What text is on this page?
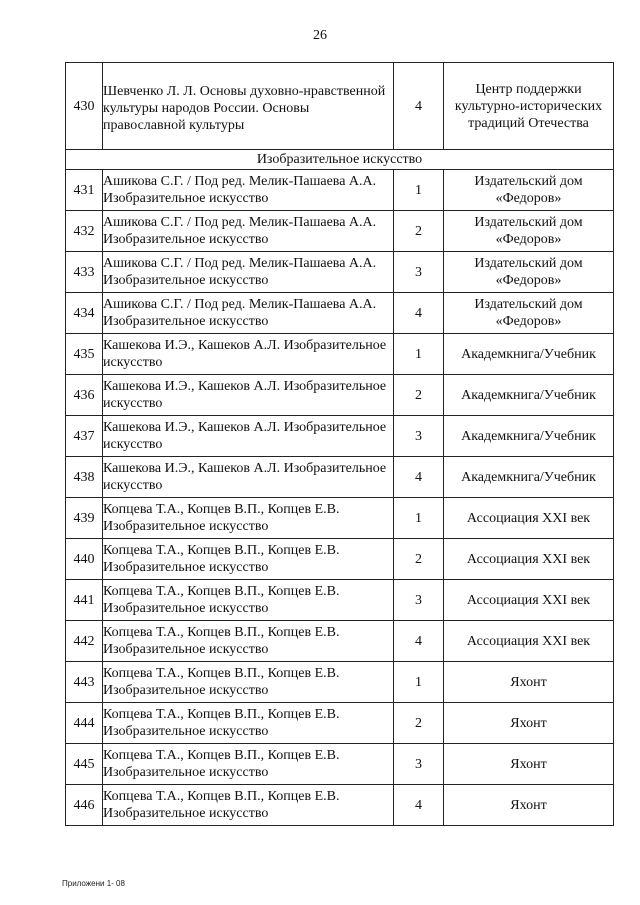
26
430	Шевченко Л. Л. Основы духовно-нравственной культуры народов России. Основы православной культуры	4	Центр поддержки культурно-исторических традиций Отечества
Изобразительное искусство			
431	Ашикова С.Г. / Под ред. Мелик-Пашаева А.А. Изобразительное искусство	1	Издательский дом «Федоров»
432	Ашикова С.Г. / Под ред. Мелик-Пашаева А.А. Изобразительное искусство	2	Издательский дом «Федоров»
433	Ашикова С.Г. / Под ред. Мелик-Пашаева А.А. Изобразительное искусство	3	Издательский дом «Федоров»
434	Ашикова С.Г. / Под ред. Мелик-Пашаева А.А. Изобразительное искусство	4	Издательский дом «Федоров»
435	Кашекова И.Э., Кашеков А.Л. Изобразительное искусство	1	Академкнига/Учебник
436	Кашекова И.Э., Кашеков А.Л. Изобразительное искусство	2	Академкнига/Учебник
437	Кашекова И.Э., Кашеков А.Л. Изобразительное искусство	3	Академкнига/Учебник
438	Кашекова И.Э., Кашеков А.Л. Изобразительное искусство	4	Академкнига/Учебник
439	Копцева Т.А., Копцев В.П., Копцев Е.В. Изобразительное искусство	1	Ассоциация XXI век
440	Копцева Т.А., Копцев В.П., Копцев Е.В. Изобразительное искусство	2	Ассоциация XXI век
441	Копцева Т.А., Копцев В.П., Копцев Е.В. Изобразительное искусство	3	Ассоциация XXI век
442	Копцева Т.А., Копцев В.П., Копцев Е.В. Изобразительное искусство	4	Ассоциация XXI век
443	Копцева Т.А., Копцев В.П., Копцев Е.В. Изобразительное искусство	1	Яхонт
444	Копцева Т.А., Копцев В.П., Копцев Е.В. Изобразительное искусство	2	Яхонт
445	Копцева Т.А., Копцев В.П., Копцев Е.В. Изобразительное искусство	3	Яхонт
446	Копцева Т.А., Копцев В.П., Копцев Е.В. Изобразительное искусство	4	Яхонт
Приложени 1- 08
